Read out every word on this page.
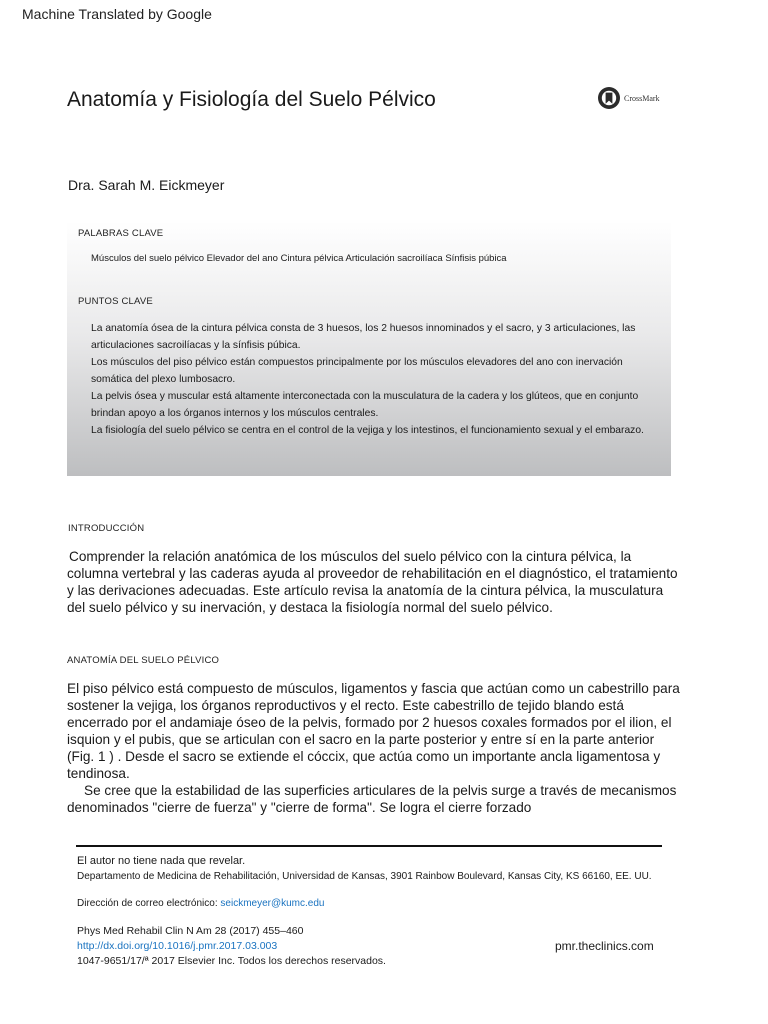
Machine Translated by Google
Anatomía y Fisiología del Suelo Pélvico	CrossMark
Dra. Sarah M. Eickmeyer
PALABRAS CLAVE
Músculos del suelo pélvico Elevador del ano Cintura pélvica Articulación sacroilíaca Sínfisis púbica
PUNTOS CLAVE

La anatomía ósea de la cintura pélvica consta de 3 huesos, los 2 huesos innominados y el sacro, y 3 articulaciones, las articulaciones sacroilíacas y la sínfisis púbica.

Los músculos del piso pélvico están compuestos principalmente por los músculos elevadores del ano con inervación somática del plexo lumbosacro.

La pelvis ósea y muscular está altamente interconectada con la musculatura de la cadera y los glúteos, que en conjunto brindan apoyo a los órganos internos y los músculos centrales.

La fisiología del suelo pélvico se centra en el control de la vejiga y los intestinos, el funcionamiento sexual y el embarazo.

INTRODUCCIÓN
Comprender la relación anatómica de los músculos del suelo pélvico con la cintura pélvica, la columna vertebral y las caderas ayuda al proveedor de rehabilitación en el diagnóstico, el tratamiento y las derivaciones adecuadas. Este artículo revisa la anatomía de la cintura pélvica, la musculatura del suelo pélvico y su inervación, y destaca la fisiología normal del suelo pélvico.
ANATOMÍA DEL SUELO PÉLVICO
El piso pélvico está compuesto de músculos, ligamentos y fascia que actúan como un cabestrillo para sostener la vejiga, los órganos reproductivos y el recto. Este cabestrillo de tejido blando está encerrado por el andamiaje óseo de la pelvis, formado por 2 huesos coxales formados por el ilion, el isquion y el pubis, que se articulan con el sacro en la parte posterior y entre sí en la parte anterior (Fig. 1 ) . Desde el sacro se extiende el cóccix, que actúa como un importante ancla ligamentosa y tendinosa.
Se cree que la estabilidad de las superficies articulares de la pelvis surge a través de mecanismos denominados "cierre de fuerza" y "cierre de forma". Se logra el cierre forzado
El autor no tiene nada que revelar.
Departamento de Medicina de Rehabilitación, Universidad de Kansas, 3901 Rainbow Boulevard, Kansas City, KS 66160, EE. UU.
Dirección de correo electrónico: seickmeyer@kumc.edu
Phys Med Rehabil Clin N Am 28 (2017) 455–460
http://dx.doi.org/10.1016/j.pmr.2017.03.003
1047-9651/17/ª 2017 Elsevier Inc. Todos los derechos reservados.
pmr.theclinics.com
